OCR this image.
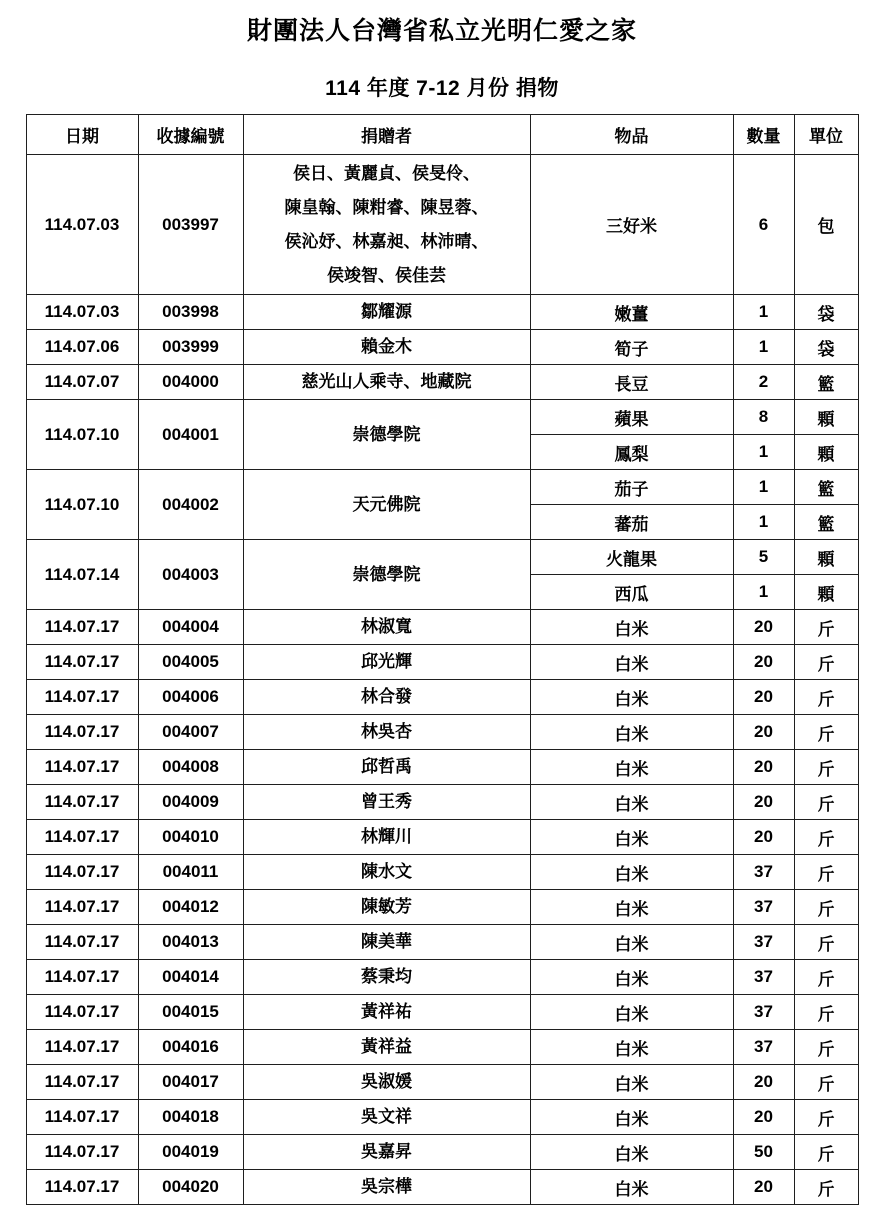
財團法人台灣省私立光明仁愛之家
114 年度 7-12 月份 捐物
日期	收據編號	捐贈者	物品	數量	單位
114.07.03	003997	侯日、黃麗貞、侯旻伶、
陳皇翰、陳粓睿、陳昱蓉、
侯沁妤、林嘉昶、林沛晴、
侯竣智、侯佳芸	三好米	6	包
114.07.03	003998	鄒耀源	嫩薑	1	袋
114.07.06	003999	賴金木	筍子	1	袋
114.07.07	004000	慈光山人乘寺、地藏院	長豆	2	籃
114.07.10	004001	崇德學院	蘋果	8	顆
			鳳梨	1	顆
114.07.10	004002	天元佛院	茄子	1	籃
			蕃茄	1	籃
114.07.14	004003	崇德學院	火龍果	5	顆
			西瓜	1	顆
114.07.17	004004	林淑寬	白米	20	斤
114.07.17	004005	邱光輝	白米	20	斤
114.07.17	004006	林合發	白米	20	斤
114.07.17	004007	林吳杏	白米	20	斤
114.07.17	004008	邱哲禹	白米	20	斤
114.07.17	004009	曾王秀	白米	20	斤
114.07.17	004010	林輝川	白米	20	斤
114.07.17	004011	陳水文	白米	37	斤
114.07.17	004012	陳敏芳	白米	37	斤
114.07.17	004013	陳美華	白米	37	斤
114.07.17	004014	蔡秉均	白米	37	斤
114.07.17	004015	黃祥祐	白米	37	斤
114.07.17	004016	黃祥益	白米	37	斤
114.07.17	004017	吳淑媛	白米	20	斤
114.07.17	004018	吳文祥	白米	20	斤
114.07.17	004019	吳嘉昇	白米	50	斤
114.07.17	004020	吳宗樺	白米	20	斤
